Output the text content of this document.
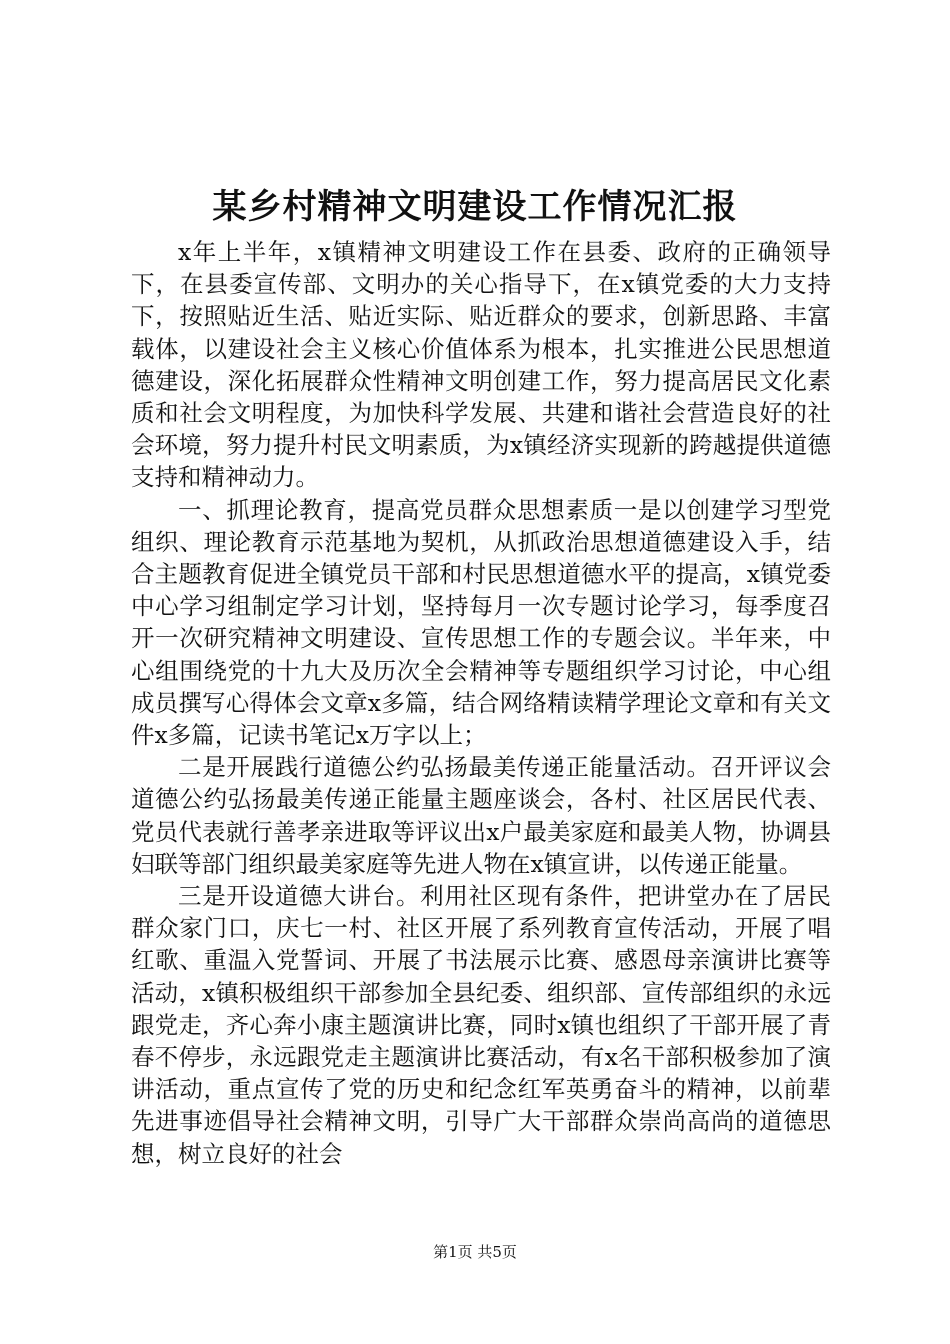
某乡村精神文明建设工作情况汇报

x年上半年，x镇精神文明建设工作在县委、政府的正确领导下，在县委宣传部、文明办的关心指导下，在x镇党委的大力支持下，按照贴近生活、贴近实际、贴近群众的要求，创新思路、丰富载体，以建设社会主义核心价值体系为根本，扎实推进公民思想道德建设，深化拓展群众性精神文明创建工作，努力提高居民文化素质和社会文明程度，为加快科学发展、共建和谐社会营造良好的社会环境，努力提升村民文明素质，为x镇经济实现新的跨越提供道德支持和精神动力。

一、抓理论教育，提高党员群众思想素质一是以创建学习型党组织、理论教育示范基地为契机，从抓政治思想道德建设入手，结合主题教育促进全镇党员干部和村民思想道德水平的提高，x镇党委中心学习组制定学习计划，坚持每月一次专题讨论学习，每季度召开一次研究精神文明建设、宣传思想工作的专题会议。半年来，中心组围绕党的十九大及历次全会精神等专题组织学习讨论，中心组成员撰写心得体会文章x多篇，结合网络精读精学理论文章和有关文件x多篇，记读书笔记x万字以上；

二是开展践行道德公约弘扬最美传递正能量活动。召开评议会道德公约弘扬最美传递正能量主题座谈会，各村、社区居民代表、党员代表就行善孝亲进取等评议出x户最美家庭和最美人物，协调县妇联等部门组织最美家庭等先进人物在x镇宣讲，以传递正能量。

三是开设道德大讲台。利用社区现有条件，把讲堂办在了居民群众家门口，庆七一村、社区开展了系列教育宣传活动，开展了唱红歌、重温入党誓词、开展了书法展示比赛、感恩母亲演讲比赛等活动，x镇积极组织干部参加全县纪委、组织部、宣传部组织的永远跟党走，齐心奔小康主题演讲比赛，同时x镇也组织了干部开展了青春不停步，永远跟党走主题演讲比赛活动，有x名干部积极参加了演讲活动，重点宣传了党的历史和纪念红军英勇奋斗的精神，以前辈先进事迹倡导社会精神文明，引导广大干部群众崇尚高尚的道德思想，树立良好的社会

第1页 共5页
